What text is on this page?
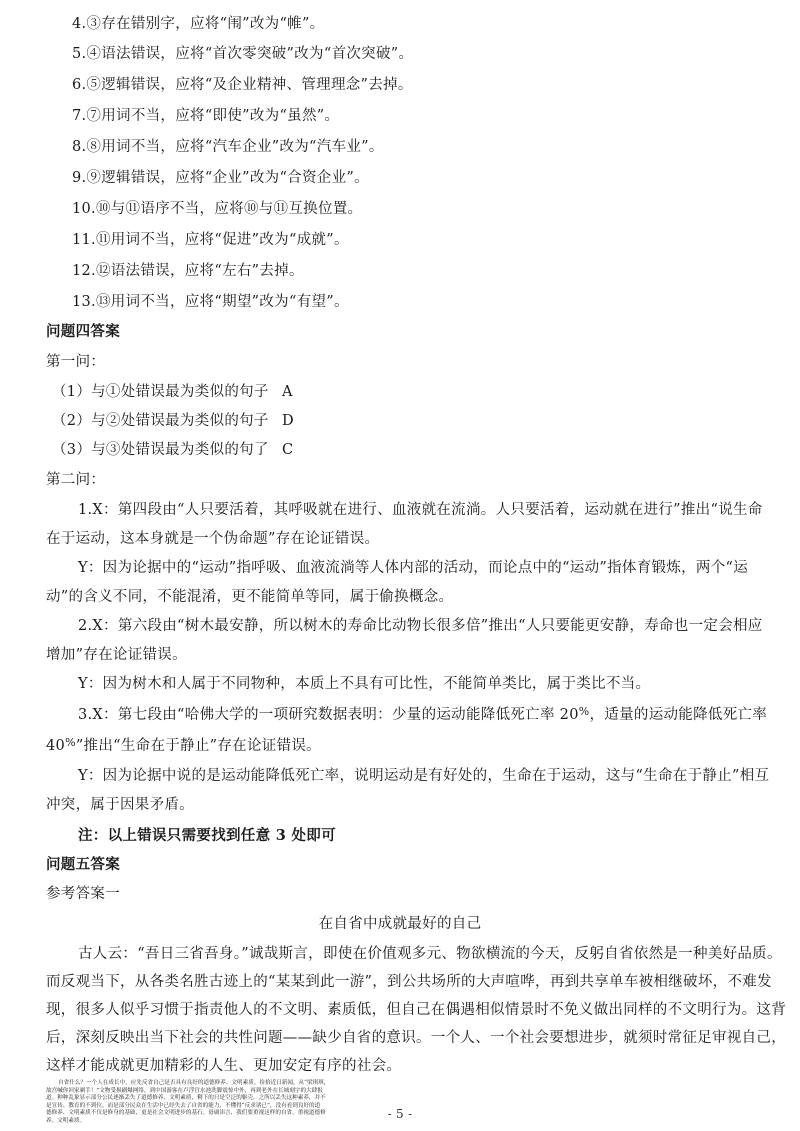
4.③存在错别字，应将“闱”改为“帷”。
5.④语法错误，应将“首次零突破”改为“首次突破”。
6.⑤逻辑错误，应将“及企业精神、管理理念”去掉。
7.⑦用词不当，应将“即使”改为“虽然”。
8.⑧用词不当，应将“汽车企业”改为“汽车业”。
9.⑨逻辑错误，应将“企业”改为“合资企业”。
10.⑩与⑪语序不当，应将⑩与⑪互换位置。
11.⑪用词不当，应将“促进”改为“成就”。
12.⑫语法错误，应将“左右”去掉。
13.⑬用词不当，应将“期望”改为“有望”。
问题四答案
第一问：
（1）与①处错误最为类似的句子 A
（2）与②处错误最为类似的句子 D
（3）与③处错误最为类似的句了 C
第二问：
1.X：第四段由“人只要活着，其呼吸就在进行、血液就在流淌。人只要活着，运动就在进行”推出“说生命
在于运动，这本身就是一个伪命题”存在论证错误。
Y：因为论据中的“运动”指呼吸、血液流淌等人体内部的活动，而论点中的“运动”指体育锻炼，两个“运
动”的含义不同，不能混淆，更不能简单等同，属于偷换概念。
2.X：第六段由“树木最安静，所以树木的寿命比动物长很多倍”推出“人只要能更安静，寿命也一定会相应
增加”存在论证错误。
Y：因为树木和人属于不同物种，本质上不具有可比性，不能简单类比，属于类比不当。
3.X：第七段由“哈佛大学的一项研究数据表明：少量的运动能降低死亡率 20%，适量的运动能降低死亡率
40%”推出“生命在于静止”存在论证错误。
Y：因为论据中说的是运动能降低死亡率，说明运动是有好处的，生命在于运动，这与“生命在于静止”相互
冲突，属于因果矛盾。
注：以上错误只需要找到任意 3 处即可
问题五答案
参考答案一
在自省中成就最好的自己
古人云：“吾日三省吾身。”诚哉斯言，即使在价值观多元、物欲横流的今天，反躬自省依然是一种美好品质。
而反观当下，从各类名胜古迹上的“某某到此一游”，到公共场所的大声喧哗，再到共享单车被相继破坏，不难发
现，很多人似乎习惯于指责他人的不文明、素质低，但自己在偶遇相似情景时不免义做出同样的不文明行为。这背
后，深刻反映出当下社会的共性问题——缺少自省的意识。一个人、一个社会要想进步，就须时常征足审视自己，
这样才能成就更加精彩的人生、更加安定有序的社会。
- 5 -
自省什么？一个人在成长中，应先反省自己是否具有良好的道德修养、文明素质。捡拾近日新闻，从“梁琪琪，
故宫喊你回家剃手！”文物受损刷爆网络，到中国游客在卢浮宫水池洗脚震惊中外，再到老外在长城刻字的大肆报
道。种种乱象显示部分公民逐渐丢失了道德修养、文明素质，剩下的只是空泛的躯壳。之所以丢失这种素养，并不
是宣传、教育的不到位，而是部分民众在生活中已经失去了自省的能力，不懂得“反求诸已”，没有看到良好的道
德修养、文明素质不仅是修身的基础，更是社会文明进步的基石。毋庸讳言，我们要重视这样的自省，重视道德修
养、文明素质。
